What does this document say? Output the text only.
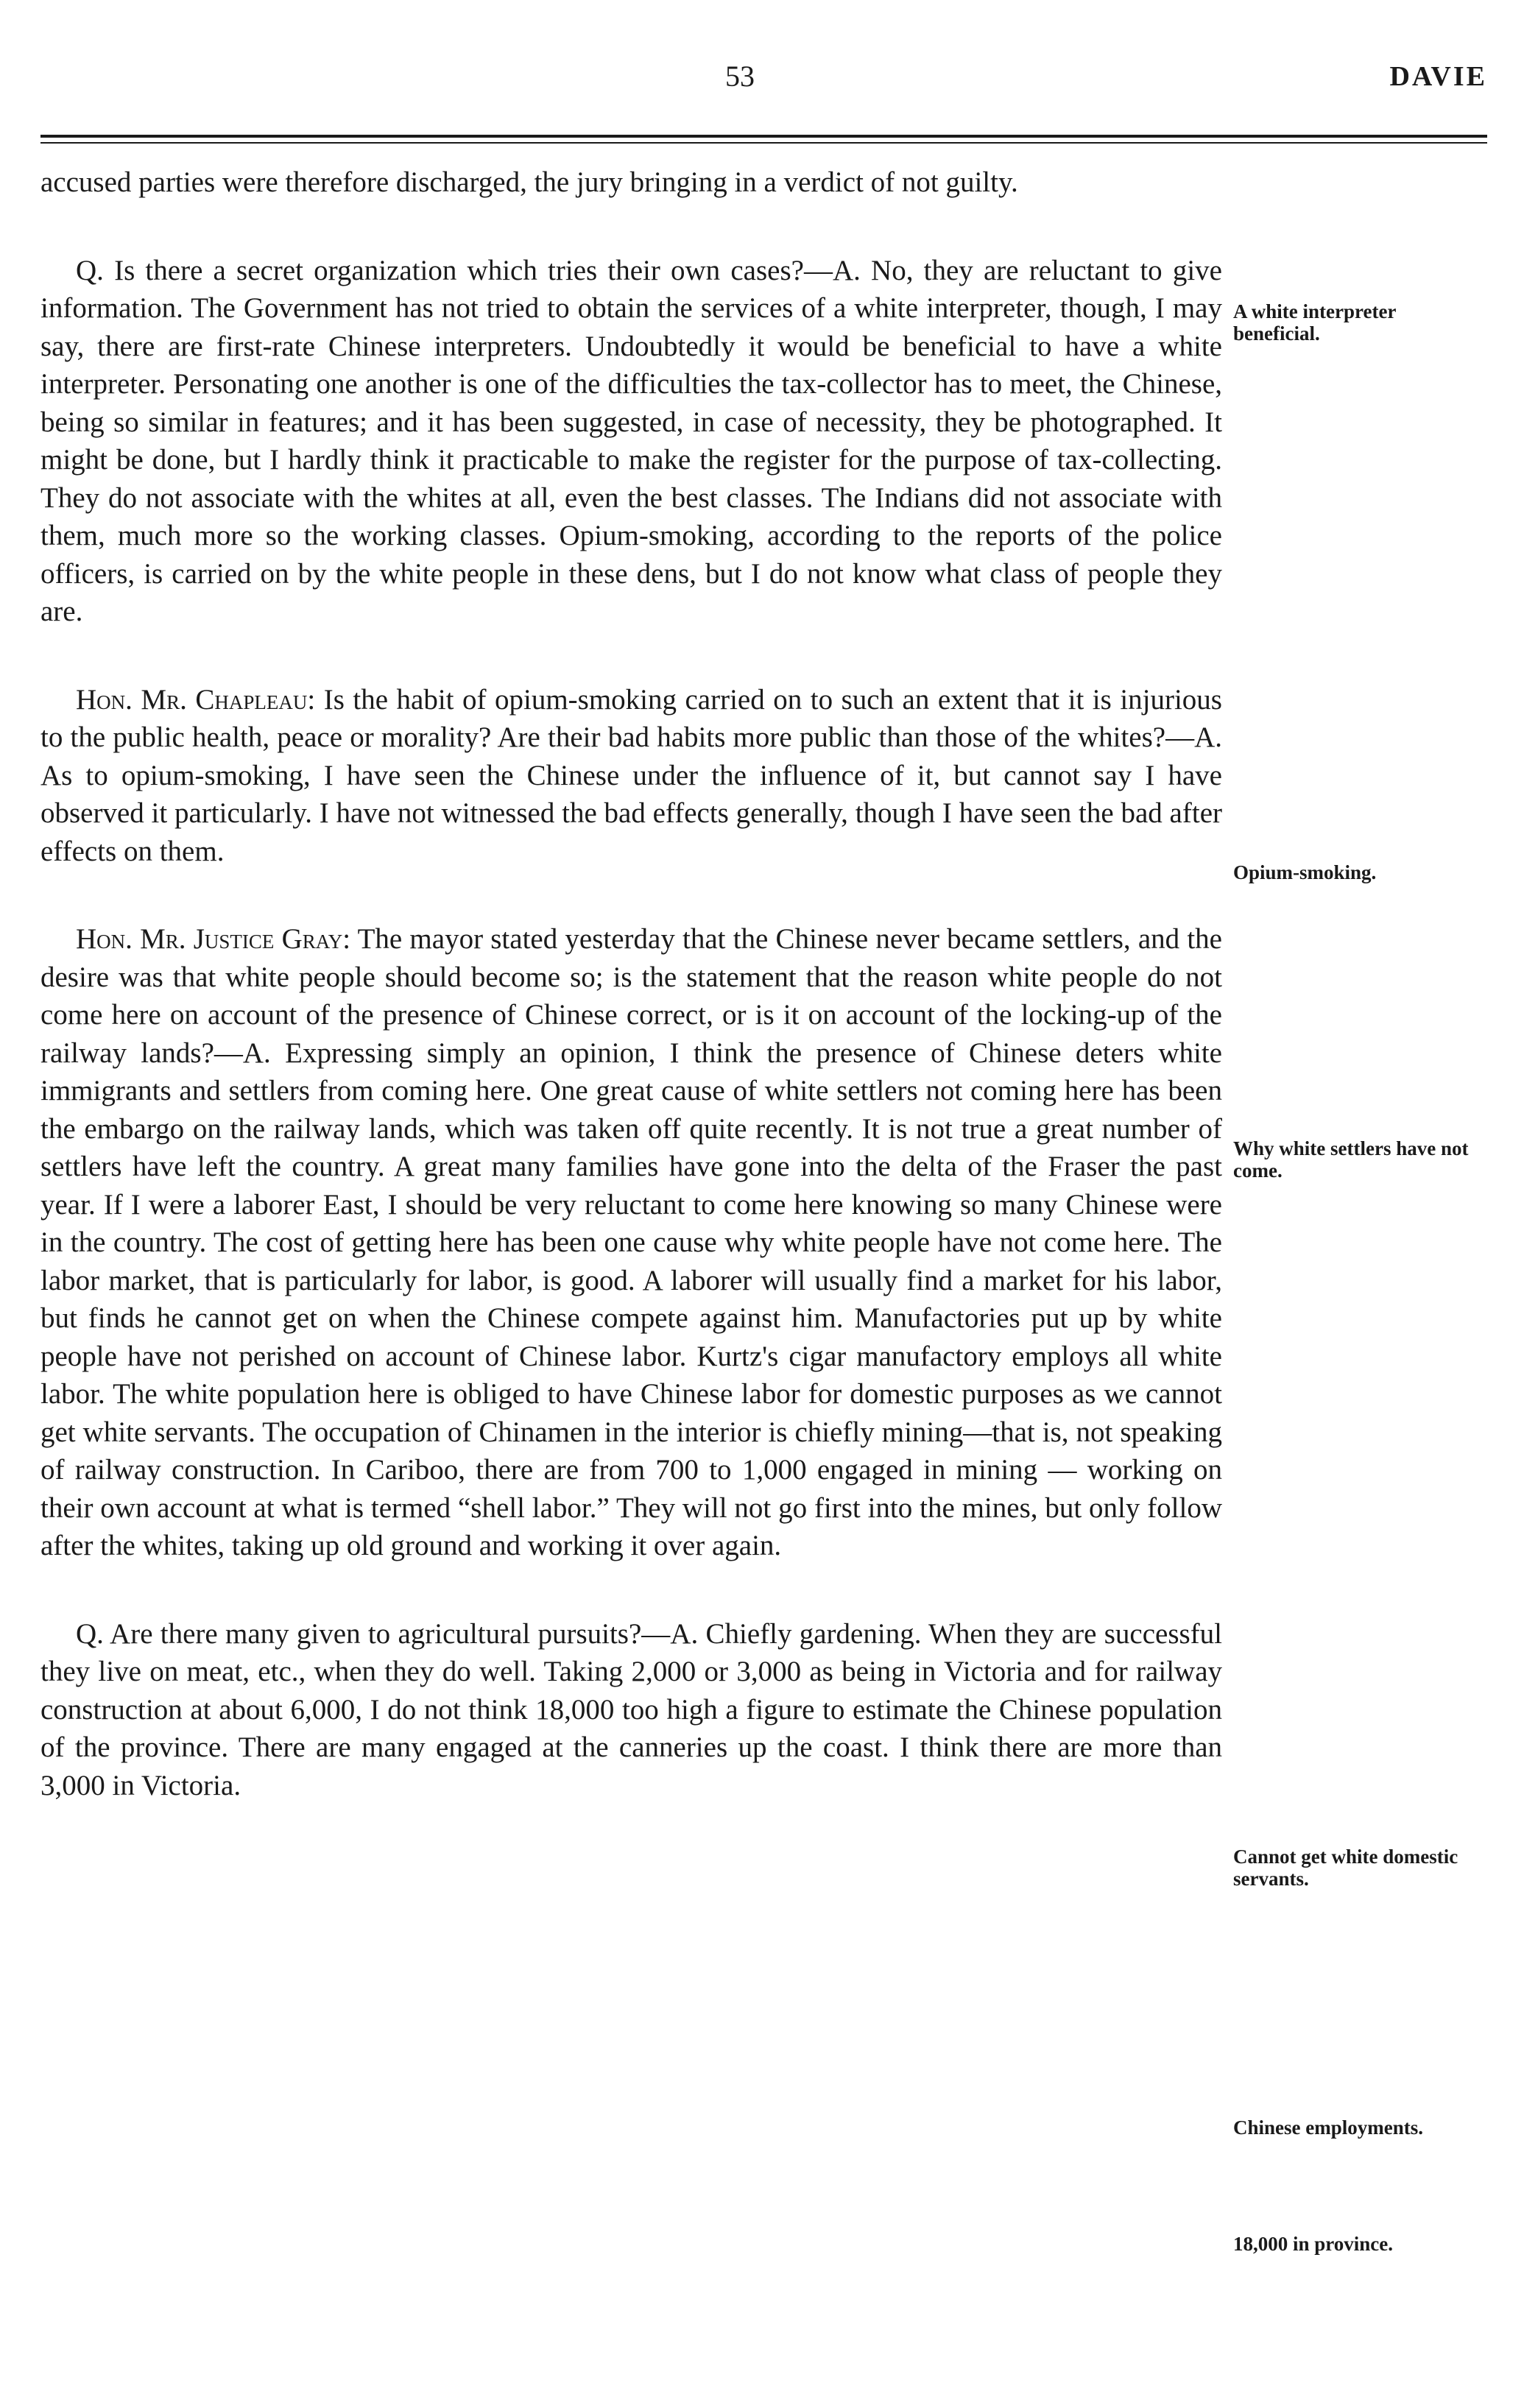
53	DAVIE

accused parties were therefore discharged, the jury bringing in a verdict of not guilty.

Q. Is there a secret organization which tries their own cases?—A. No, they are reluctant to give information. The Government has not tried to obtain the services of a white interpreter, though, I may say, there are first-rate Chinese interpreters. Undoubtedly it would be beneficial to have a white interpreter. Personating one another is one of the difficulties the tax-collector has to meet, the Chinese, being so similar in features; and it has been suggested, in case of necessity, they be photographed. It might be done, but I hardly think it practicable to make the register for the purpose of tax-collecting. They do not associate with the whites at all, even the best classes. The Indians did not associate with them, much more so the working classes. Opium-smoking, according to the reports of the police officers, is carried on by the white people in these dens, but I do not know what class of people they are.

Hon. Mr. Chapleau: Is the habit of opium-smoking carried on to such an extent that it is injurious to the public health, peace or morality? Are their bad habits more public than those of the whites?—A. As to opium-smoking, I have seen the Chinese under the influence of it, but cannot say I have observed it particularly. I have not witnessed the bad effects generally, though I have seen the bad after effects on them.

Hon. Mr. Justice Gray: The mayor stated yesterday that the Chinese never became settlers, and the desire was that white people should become so; is the statement that the reason white people do not come here on account of the presence of Chinese correct, or is it on account of the locking-up of the railway lands?—A. Expressing simply an opinion, I think the presence of Chinese deters white immigrants and settlers from coming here. One great cause of white settlers not coming here has been the embargo on the railway lands, which was taken off quite recently. It is not true a great number of settlers have left the country. A great many families have gone into the delta of the Fraser the past year. If I were a laborer East, I should be very reluctant to come here knowing so many Chinese were in the country. The cost of getting here has been one cause why white people have not come here. The labor market, that is particularly for labor, is good. A laborer will usually find a market for his labor, but finds he cannot get on when the Chinese compete against him. Manufactories put up by white people have not perished on account of Chinese labor. Kurtz's cigar manufactory employs all white labor. The white population here is obliged to have Chinese labor for domestic purposes as we cannot get white servants. The occupation of Chinamen in the interior is chiefly mining—that is, not speaking of railway construction. In Cariboo, there are from 700 to 1,000 engaged in mining — working on their own account at what is termed “shell labor.” They will not go first into the mines, but only follow after the whites, taking up old ground and working it over again.

Q. Are there many given to agricultural pursuits?—A. Chiefly gardening. When they are successful they live on meat, etc., when they do well. Taking 2,000 or 3,000 as being in Victoria and for railway construction at about 6,000, I do not think 18,000 too high a figure to estimate the Chinese population of the province. There are many engaged at the canneries up the coast. I think there are more than 3,000 in Victoria.

A white interpreter beneficial.
Opium-smoking.
Why white settlers have not come.
Cannot get white domestic servants.
Chinese employments.
18,000 in province.
